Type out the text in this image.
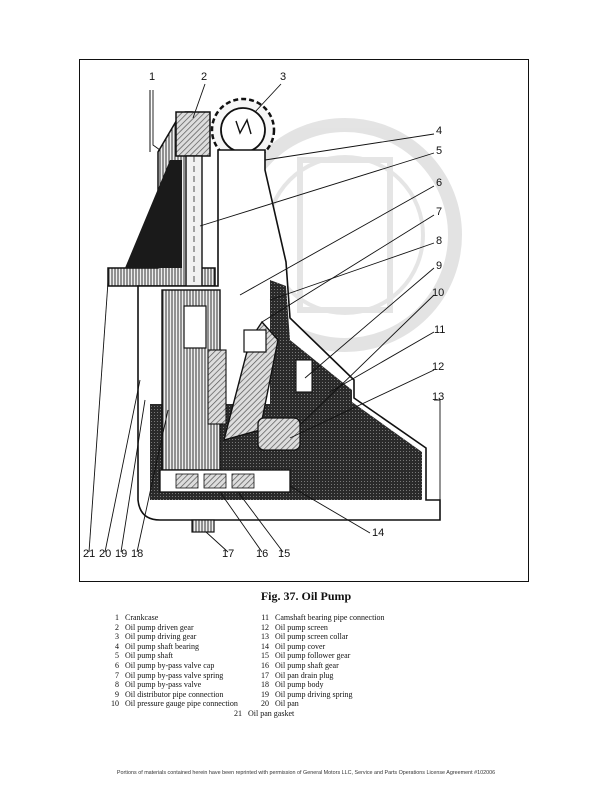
1	2	3
4
5
6
7
8
9
10
11
12
13
14
15
16
17
18
19
20
21
Fig. 37. Oil Pump
1 Crankcase	11 Camshaft bearing pipe connection
2 Oil pump driven gear	12 Oil pump screen
3 Oil pump driving gear	13 Oil pump screen collar
4 Oil pump shaft bearing	14 Oil pump cover
5 Oil pump shaft	15 Oil pump follower gear
6 Oil pump by-pass valve cap	16 Oil pump shaft gear
7 Oil pump by-pass valve spring	17 Oil pan drain plug
8 Oil pump by-pass valve	18 Oil pump body
9 Oil distributor pipe connection	19 Oil pump driving spring
10 Oil pressure gauge pipe connection	20 Oil pan
21 Oil pan gasket
Portions of materials contained herein have been reprinted with permission of General Motors LLC, Service and Parts Operations License Agreement #102006
